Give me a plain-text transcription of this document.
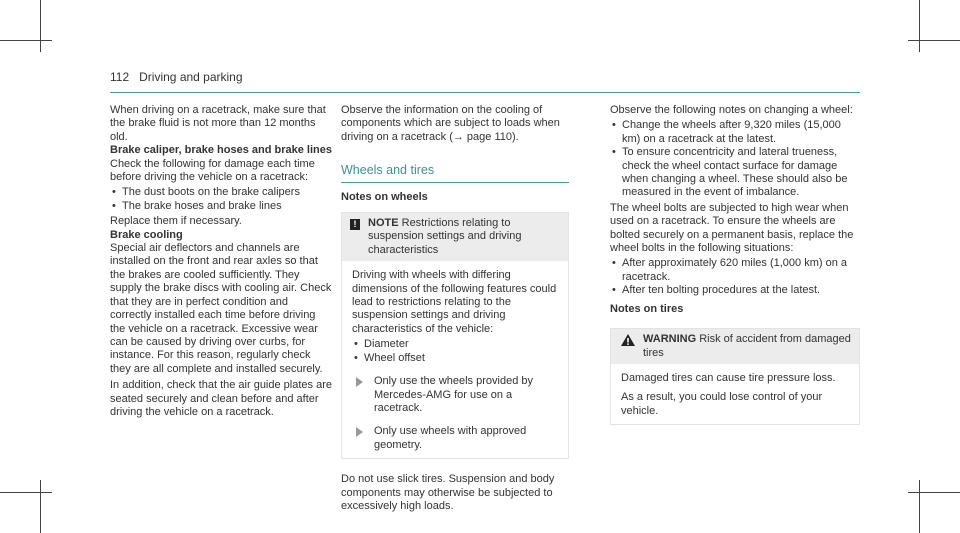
112 Driving and parking

When driving on a racetrack, make sure that the brake fluid is not more than 12 months old.

Brake caliper, brake hoses and brake lines

Check the following for damage each time before driving the vehicle on a racetrack:

• The dust boots on the brake calipers
• The brake hoses and brake lines

Replace them if necessary.

Brake cooling

Special air deflectors and channels are installed on the front and rear axles so that the brakes are cooled sufficiently. They supply the brake discs with cooling air. Check that they are in perfect condition and correctly installed each time before driving the vehicle on a racetrack. Excessive wear can be caused by driving over curbs, for instance. For this reason, regularly check they are all complete and installed securely.

In addition, check that the air guide plates are seated securely and clean before and after driving the vehicle on a racetrack.

Observe the information on the cooling of components which are subject to loads when driving on a racetrack (→ page 110).

Wheels and tires

Notes on wheels

!	NOTE Restrictions relating to suspension settings and driving characteristics

Driving with wheels with differing dimensions of the following features could lead to restrictions relating to the suspension settings and driving characteristics of the vehicle:

• Diameter
• Wheel offset
Only use the wheels provided by Mercedes-AMG for use on a racetrack.
Only use wheels with approved geometry.

Do not use slick tires. Suspension and body components may otherwise be subjected to excessively high loads.

Observe the following notes on changing a wheel:

• Change the wheels after 9,320 miles (15,000 km) on a racetrack at the latest.
• To ensure concentricity and lateral trueness, check the wheel contact surface for damage when changing a wheel. These should also be measured in the event of imbalance.

The wheel bolts are subjected to high wear when used on a racetrack. To ensure the wheels are bolted securely on a permanent basis, replace the wheel bolts in the following situations:

• After approximately 620 miles (1,000 km) on a racetrack.
• After ten bolting procedures at the latest.

Notes on tires

WARNING Risk of accident from damaged tires

Damaged tires can cause tire pressure loss.

As a result, you could lose control of your vehicle.
